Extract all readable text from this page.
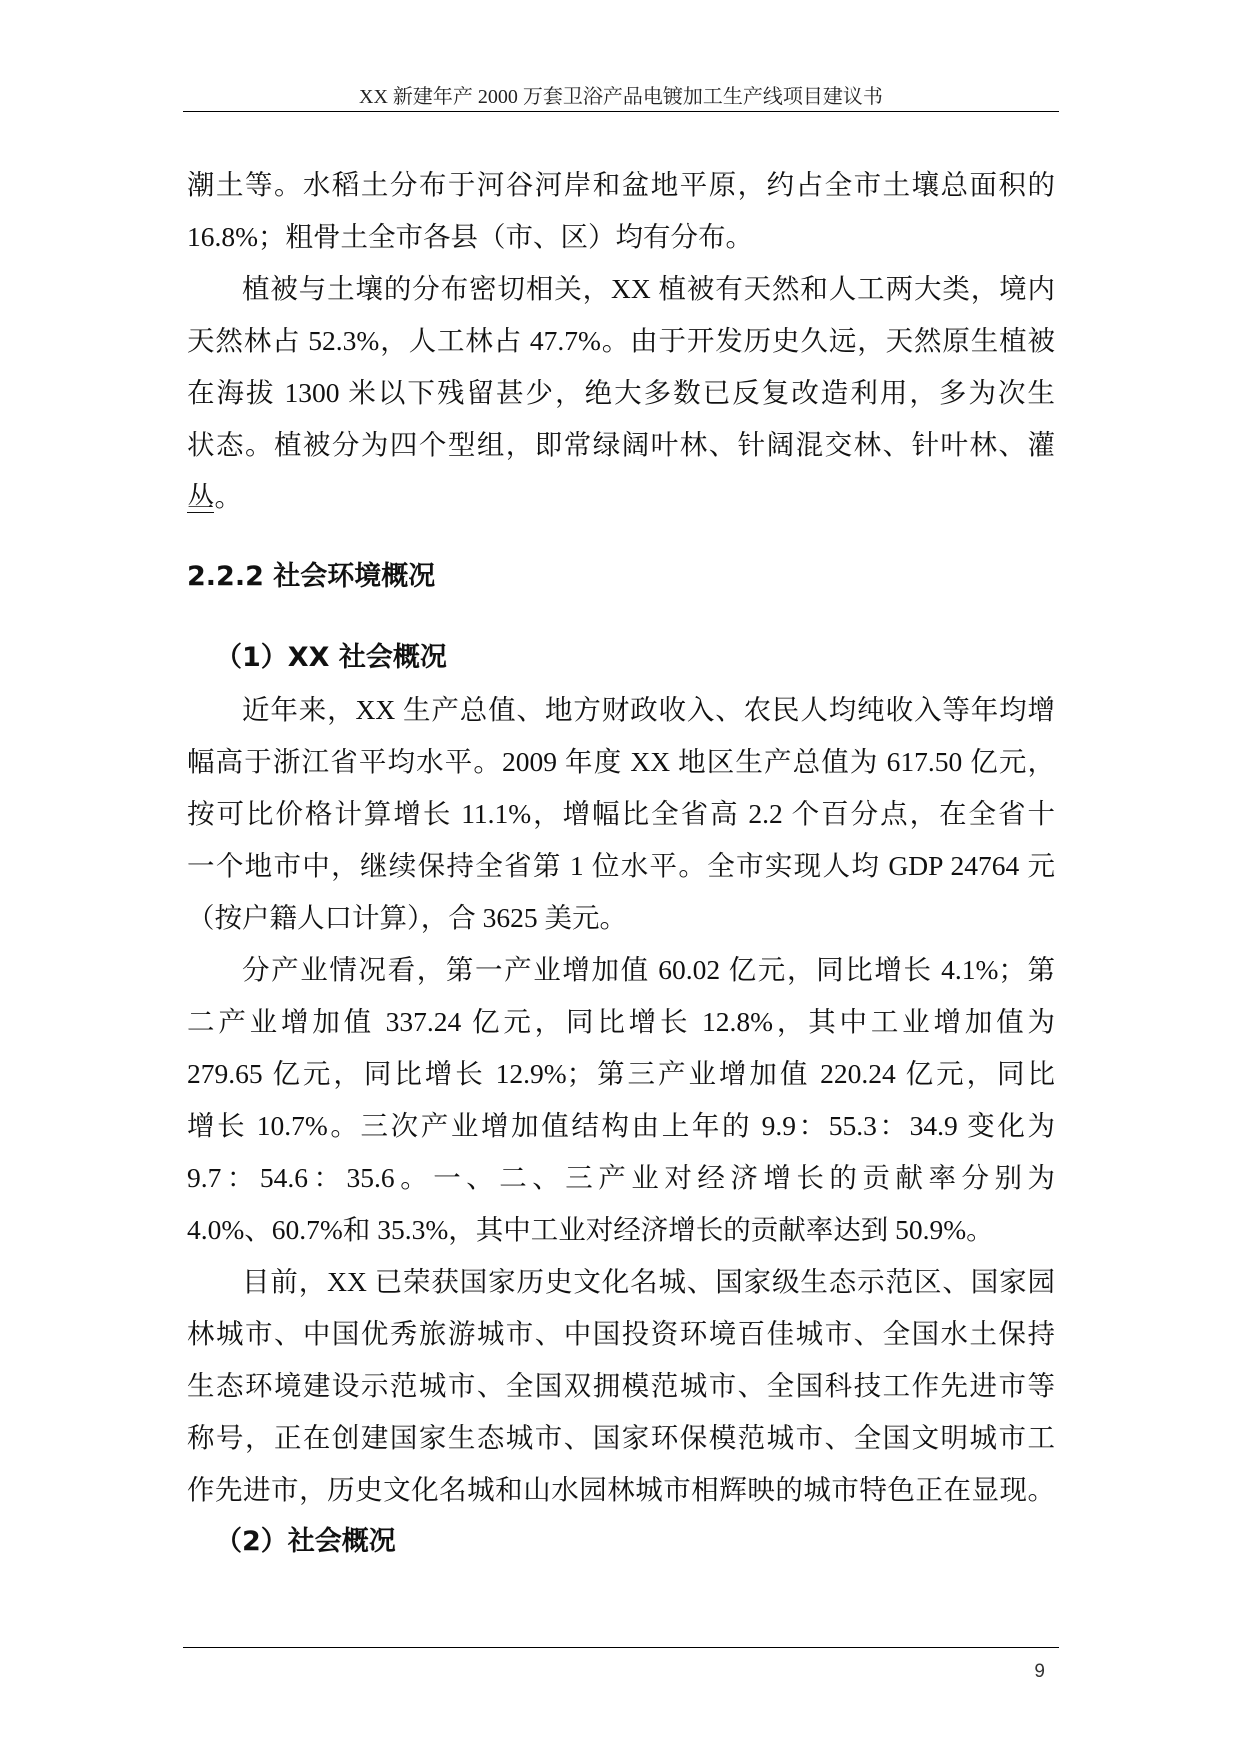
XX 新建年产 2000 万套卫浴产品电镀加工生产线项目建议书
潮土等。水稻土分布于河谷河岸和盆地平原，约占全市土壤总面积的
16.8%；粗骨土全市各县（市、区）均有分布。
植被与土壤的分布密切相关，XX 植被有天然和人工两大类，境内
天然林占 52.3%，人工林占 47.7%。由于开发历史久远，天然原生植被
在海拔 1300 米以下残留甚少，绝大多数已反复改造利用，多为次生
状态。植被分为四个型组，即常绿阔叶林、针阔混交林、针叶林、灌
丛。
2.2.2 社会环境概况
（1）XX 社会概况
近年来，XX 生产总值、地方财政收入、农民人均纯收入等年均增
幅高于浙江省平均水平。2009 年度 XX 地区生产总值为 617.50 亿元，
按可比价格计算增长 11.1%，增幅比全省高 2.2 个百分点，在全省十
一个地市中，继续保持全省第 1 位水平。全市实现人均 GDP 24764 元
（按户籍人口计算），合 3625 美元。
分产业情况看，第一产业增加值 60.02 亿元，同比增长 4.1%；第
二产业增加值 337.24 亿元，同比增长 12.8%，其中工业增加值为
279.65 亿元，同比增长 12.9%；第三产业增加值 220.24 亿元，同比
增长 10.7%。三次产业增加值结构由上年的 9.9：55.3：34.9 变化为
9.7：54.6：35.6。一、二、三产业对经济增长的贡献率分别为
4.0%、60.7%和 35.3%，其中工业对经济增长的贡献率达到 50.9%。
目前，XX 已荣获国家历史文化名城、国家级生态示范区、国家园
林城市、中国优秀旅游城市、中国投资环境百佳城市、全国水土保持
生态环境建设示范城市、全国双拥模范城市、全国科技工作先进市等
称号，正在创建国家生态城市、国家环保模范城市、全国文明城市工
作先进市，历史文化名城和山水园林城市相辉映的城市特色正在显现。
（2）社会概况
9
